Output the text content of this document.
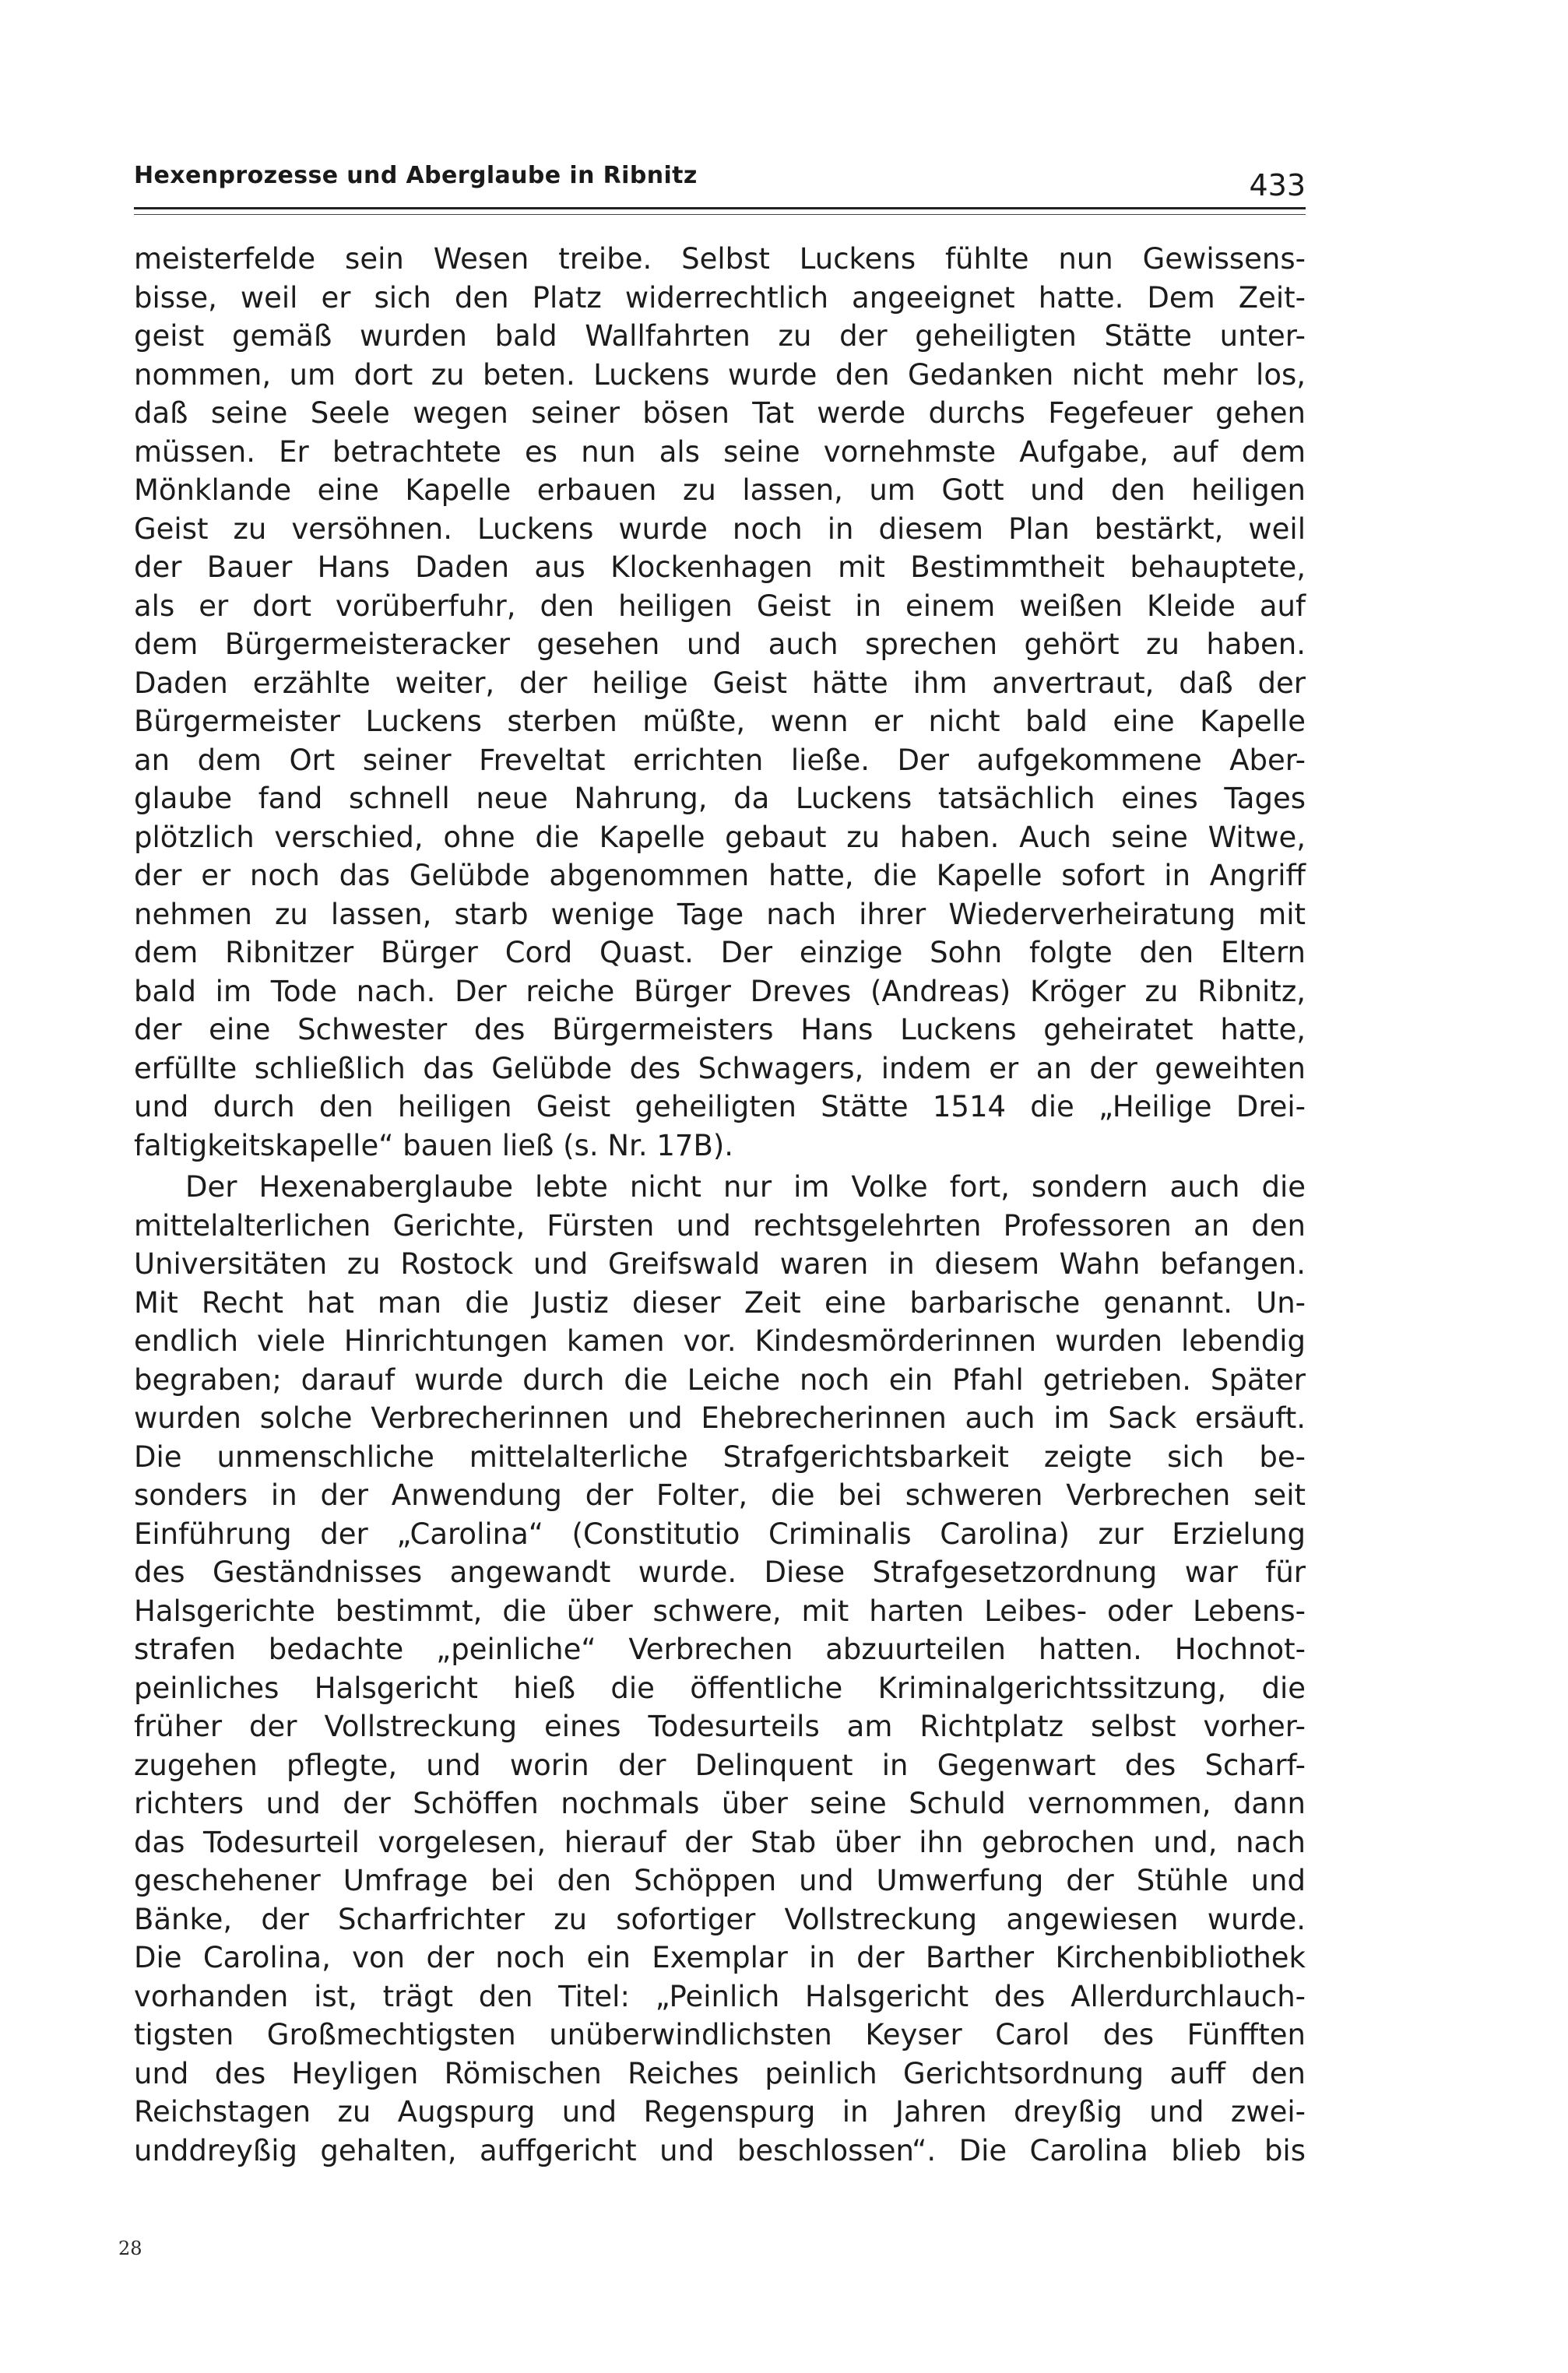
Hexenprozesse und Aberglaube in Ribnitz	433
meisterfelde sein Wesen treibe. Selbst Luckens fühlte nun Gewissens-
bisse, weil er sich den Platz widerrechtlich angeeignet hatte. Dem Zeit-
geist gemäß wurden bald Wallfahrten zu der geheiligten Stätte unter-
nommen, um dort zu beten. Luckens wurde den Gedanken nicht mehr los,
daß seine Seele wegen seiner bösen Tat werde durchs Fegefeuer gehen
müssen. Er betrachtete es nun als seine vornehmste Aufgabe, auf dem
Mönklande eine Kapelle erbauen zu lassen, um Gott und den heiligen
Geist zu versöhnen. Luckens wurde noch in diesem Plan bestärkt, weil
der Bauer Hans Daden aus Klockenhagen mit Bestimmtheit behauptete,
als er dort vorüberfuhr, den heiligen Geist in einem weißen Kleide auf
dem Bürgermeisteracker gesehen und auch sprechen gehört zu haben.
Daden erzählte weiter, der heilige Geist hätte ihm anvertraut, daß der
Bürgermeister Luckens sterben müßte, wenn er nicht bald eine Kapelle
an dem Ort seiner Freveltat errichten ließe. Der aufgekommene Aber-
glaube fand schnell neue Nahrung, da Luckens tatsächlich eines Tages
plötzlich verschied, ohne die Kapelle gebaut zu haben. Auch seine Witwe,
der er noch das Gelübde abgenommen hatte, die Kapelle sofort in Angriff
nehmen zu lassen, starb wenige Tage nach ihrer Wiederverheiratung mit
dem Ribnitzer Bürger Cord Quast. Der einzige Sohn folgte den Eltern
bald im Tode nach. Der reiche Bürger Dreves (Andreas) Kröger zu Ribnitz,
der eine Schwester des Bürgermeisters Hans Luckens geheiratet hatte,
erfüllte schließlich das Gelübde des Schwagers, indem er an der geweihten
und durch den heiligen Geist geheiligten Stätte 1514 die „Heilige Drei-
faltigkeitskapelle“ bauen ließ (s. Nr. 17B).
Der Hexenaberglaube lebte nicht nur im Volke fort, sondern auch die
mittelalterlichen Gerichte, Fürsten und rechtsgelehrten Professoren an den
Universitäten zu Rostock und Greifswald waren in diesem Wahn befangen.
Mit Recht hat man die Justiz dieser Zeit eine barbarische genannt. Un-
endlich viele Hinrichtungen kamen vor. Kindesmörderinnen wurden lebendig
begraben; darauf wurde durch die Leiche noch ein Pfahl getrieben. Später
wurden solche Verbrecherinnen und Ehebrecherinnen auch im Sack ersäuft.
Die unmenschliche mittelalterliche Strafgerichtsbarkeit zeigte sich be-
sonders in der Anwendung der Folter, die bei schweren Verbrechen seit
Einführung der „Carolina“ (Constitutio Criminalis Carolina) zur Erzielung
des Geständnisses angewandt wurde. Diese Strafgesetzordnung war für
Halsgerichte bestimmt, die über schwere, mit harten Leibes- oder Lebens-
strafen bedachte „peinliche“ Verbrechen abzuurteilen hatten. Hochnot-
peinliches Halsgericht hieß die öffentliche Kriminalgerichtssitzung, die
früher der Vollstreckung eines Todesurteils am Richtplatz selbst vorher-
zugehen pflegte, und worin der Delinquent in Gegenwart des Scharf-
richters und der Schöffen nochmals über seine Schuld vernommen, dann
das Todesurteil vorgelesen, hierauf der Stab über ihn gebrochen und, nach
geschehener Umfrage bei den Schöppen und Umwerfung der Stühle und
Bänke, der Scharfrichter zu sofortiger Vollstreckung angewiesen wurde.
Die Carolina, von der noch ein Exemplar in der Barther Kirchenbibliothek
vorhanden ist, trägt den Titel: „Peinlich Halsgericht des Allerdurchlauch-
tigsten Großmechtigsten unüberwindlichsten Keyser Carol des Fünfften
und des Heyligen Römischen Reiches peinlich Gerichtsordnung auff den
Reichstagen zu Augspurg und Regenspurg in Jahren dreyßig und zwei-
unddreyßig gehalten, auffgericht und beschlossen“. Die Carolina blieb bis
28
